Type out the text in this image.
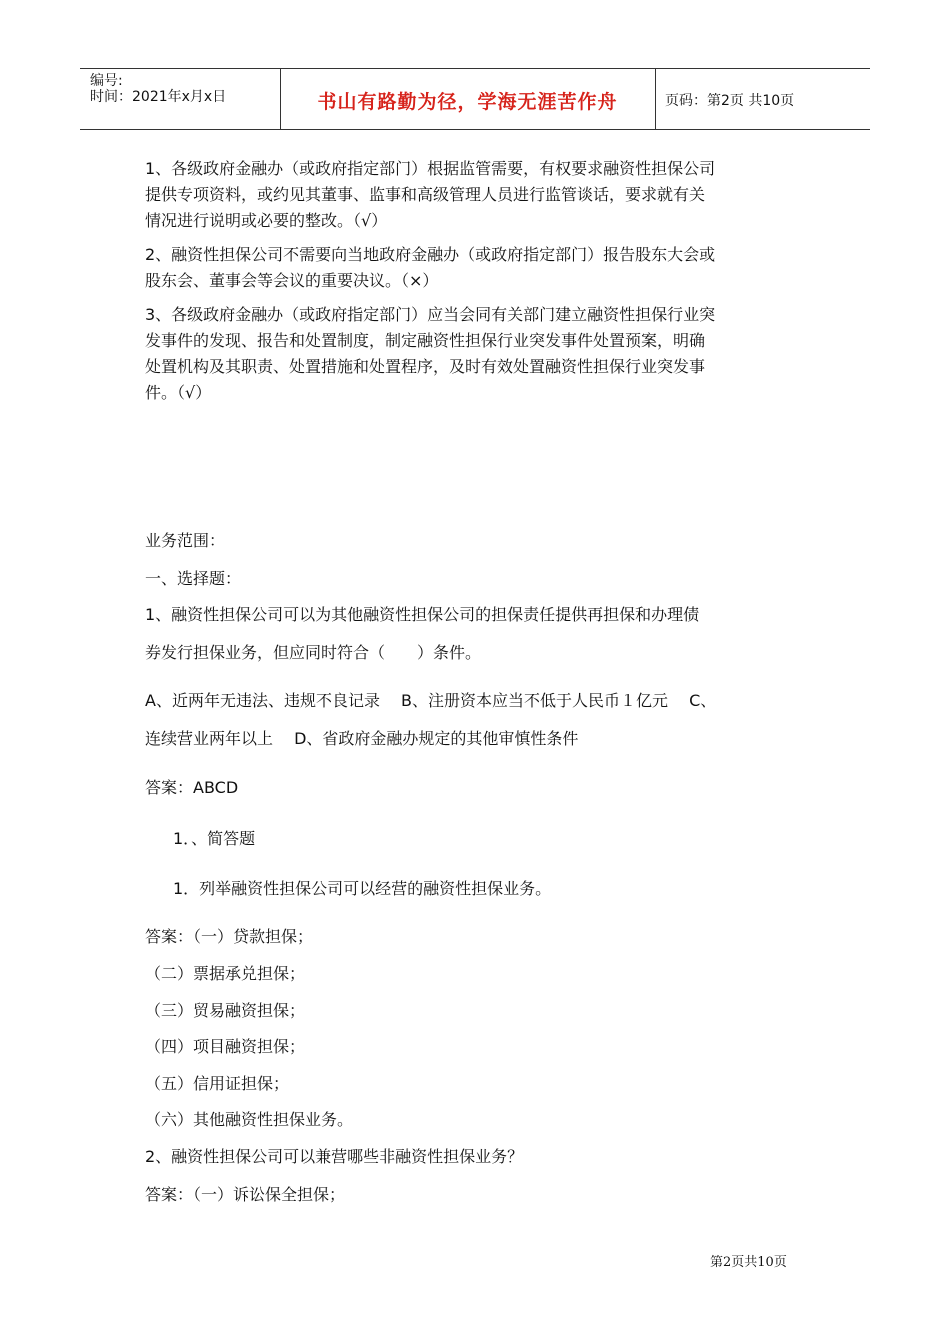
编号:
时间：2021年x月x日	书山有路勤为径，学海无涯苦作舟	页码：第2页 共10页
1、各级政府金融办（或政府指定部门）根据监管需要，有权要求融资性担保公司
提供专项资料，或约见其董事、监事和高级管理人员进行监管谈话，要求就有关
情况进行说明或必要的整改。（√）
2、融资性担保公司不需要向当地政府金融办（或政府指定部门）报告股东大会或
股东会、董事会等会议的重要决议。（×）
3、各级政府金融办（或政府指定部门）应当会同有关部门建立融资性担保行业突
发事件的发现、报告和处置制度，制定融资性担保行业突发事件处置预案，明确
处置机构及其职责、处置措施和处置程序，及时有效处置融资性担保行业突发事
件。（√）
业务范围：
一、选择题：
1、融资性担保公司可以为其他融资性担保公司的担保责任提供再担保和办理债
券发行担保业务，但应同时符合（　　）条件。
A、近两年无违法、违规不良记录　 B、注册资本应当不低于人民币１亿元　 C、
连续营业两年以上　 D、省政府金融办规定的其他审慎性条件
答案：ABCD
1．、简答题
1．列举融资性担保公司可以经营的融资性担保业务。
答案：（一）贷款担保；
（二）票据承兑担保；
（三）贸易融资担保；
（四）项目融资担保；
（五）信用证担保；
（六）其他融资性担保业务。
2、融资性担保公司可以兼营哪些非融资性担保业务？
答案：（一）诉讼保全担保；
第2页共10页
